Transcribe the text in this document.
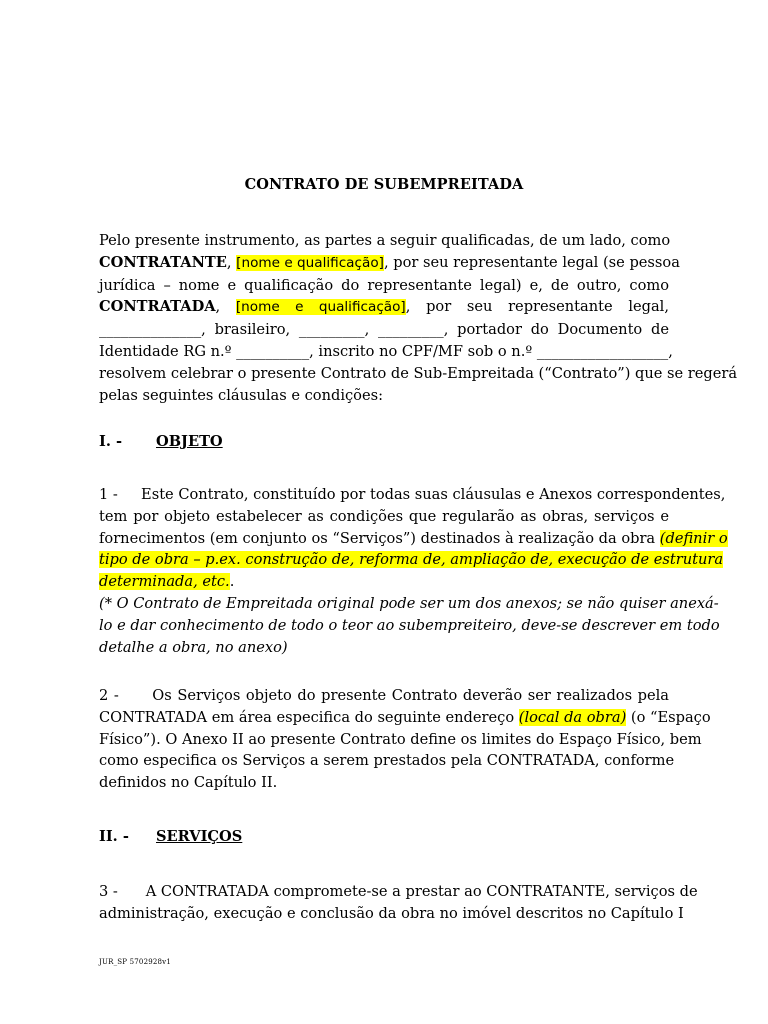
CONTRATO DE SUBEMPREITADA
Pelo presente instrumento, as partes a seguir qualificadas, de um lado, como
CONTRATANTE, [nome e qualificação], por seu representante legal (se pessoa
jurídica – nome e qualificação do representante legal) e, de outro, como
CONTRATADA, [nome e qualificação], por seu representante legal,
______________, brasileiro, _________, _________, portador do Documento de
Identidade RG n.º __________, inscrito no CPF/MF sob o n.º __________________,
resolvem celebrar o presente Contrato de Sub-Empreitada (“Contrato”) que se regerá
pelas seguintes cláusulas e condições:
I. - OBJETO
1 -     Este Contrato, constituído por todas suas cláusulas e Anexos correspondentes,
tem por objeto estabelecer as condições que regularão as obras, serviços e
fornecimentos (em conjunto os “Serviços”) destinados à realização da obra (definir o
tipo de obra – p.ex. construção de, reforma de, ampliação de, execução de estrutura
determinada, etc..
(* O Contrato de Empreitada original pode ser um dos anexos; se não quiser anexá-
lo e dar conhecimento de todo o teor ao subempreiteiro, deve-se descrever em todo
detalhe a obra, no anexo)
2 -      Os Serviços objeto do presente Contrato deverão ser realizados pela
CONTRATADA em área especifica do seguinte endereço (local da obra) (o “Espaço
Físico”). O Anexo II ao presente Contrato define os limites do Espaço Físico, bem
como especifica os Serviços a serem prestados pela CONTRATADA, conforme
definidos no Capítulo II.
II. - SERVIÇOS
3 -      A CONTRATADA compromete-se a prestar ao CONTRATANTE, serviços de
administração, execução e conclusão da obra no imóvel descritos no Capítulo I
JUR_SP 5702928v1
